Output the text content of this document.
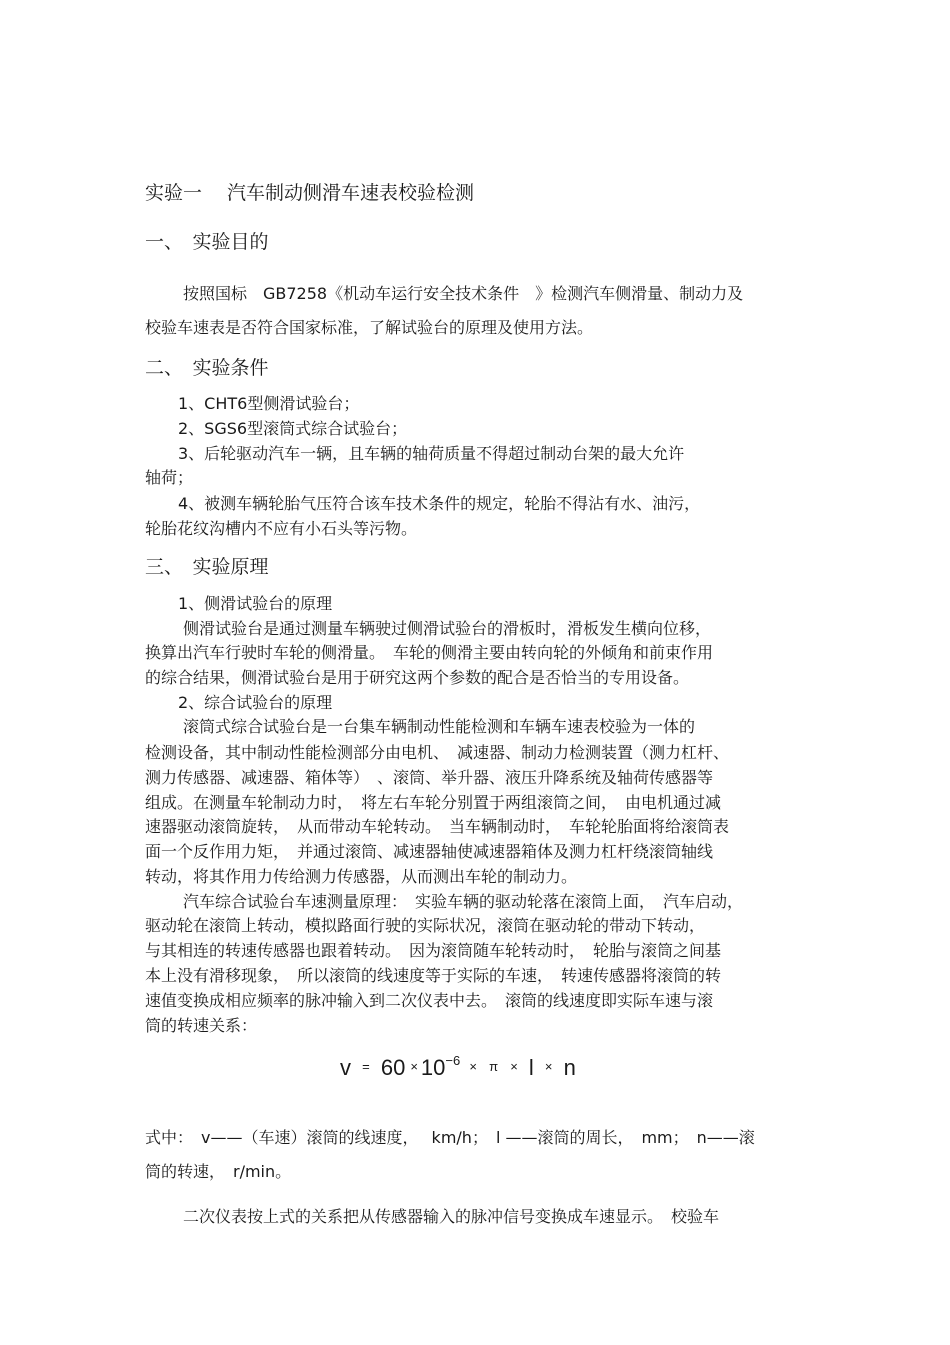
实验一　 汽车制动侧滑车速表校验检测
一、　实验目的
按照国标　GB7258《机动车运行安全技术条件　》检测汽车侧滑量、制动力及
校验车速表是否符合国家标准，了解试验台的原理及使用方法。
二、　实验条件
1、CHT6型侧滑试验台；
2、SGS6型滚筒式综合试验台；
3、后轮驱动汽车一辆，且车辆的轴荷质量不得超过制动台架的最大允许
轴荷；
4、被测车辆轮胎气压符合该车技术条件的规定，轮胎不得沾有水、油污，
轮胎花纹沟槽内不应有小石头等污物。
三、　实验原理
1、侧滑试验台的原理
侧滑试验台是通过测量车辆驶过侧滑试验台的滑板时，滑板发生横向位移，
换算出汽车行驶时车轮的侧滑量。　车轮的侧滑主要由转向轮的外倾角和前束作用
的综合结果，侧滑试验台是用于研究这两个参数的配合是否恰当的专用设备。
2、综合试验台的原理
滚筒式综合试验台是一台集车辆制动性能检测和车辆车速表校验为一体的
检测设备，其中制动性能检测部分由电机、　减速器、制动力检测装置（测力杠杆、
测力传感器、减速器、箱体等）　、滚筒、举升器、液压升降系统及轴荷传感器等
组成。在测量车轮制动力时，　将左右车轮分别置于两组滚筒之间，　由电机通过减
速器驱动滚筒旋转，　从而带动车轮转动。　当车辆制动时，　车轮轮胎面将给滚筒表
面一个反作用力矩，　并通过滚筒、减速器轴使减速器箱体及测力杠杆绕滚筒轴线
转动，将其作用力传给测力传感器，从而测出车轮的制动力。
汽车综合试验台车速测量原理：　实验车辆的驱动轮落在滚筒上面，　汽车启动，
驱动轮在滚筒上转动，模拟路面行驶的实际状况，滚筒在驱动轮的带动下转动，
与其相连的转速传感器也跟着转动。　因为滚筒随车轮转动时，　轮胎与滚筒之间基
本上没有滑移现象，　所以滚筒的线速度等于实际的车速，　转速传感器将滚筒的转
速值变换成相应频率的脉冲输入到二次仪表中去。　滚筒的线速度即实际车速与滚
筒的转速关系：
$v = 60 \times 10^{-6} \times \pi \times l \times n$
式中：　v——（车速）滚筒的线速度，　 km/h；　l ——滚筒的周长，　mm；　n——滚
筒的转速，　r/min。
二次仪表按上式的关系把从传感器输入的脉冲信号变换成车速显示。　校验车
